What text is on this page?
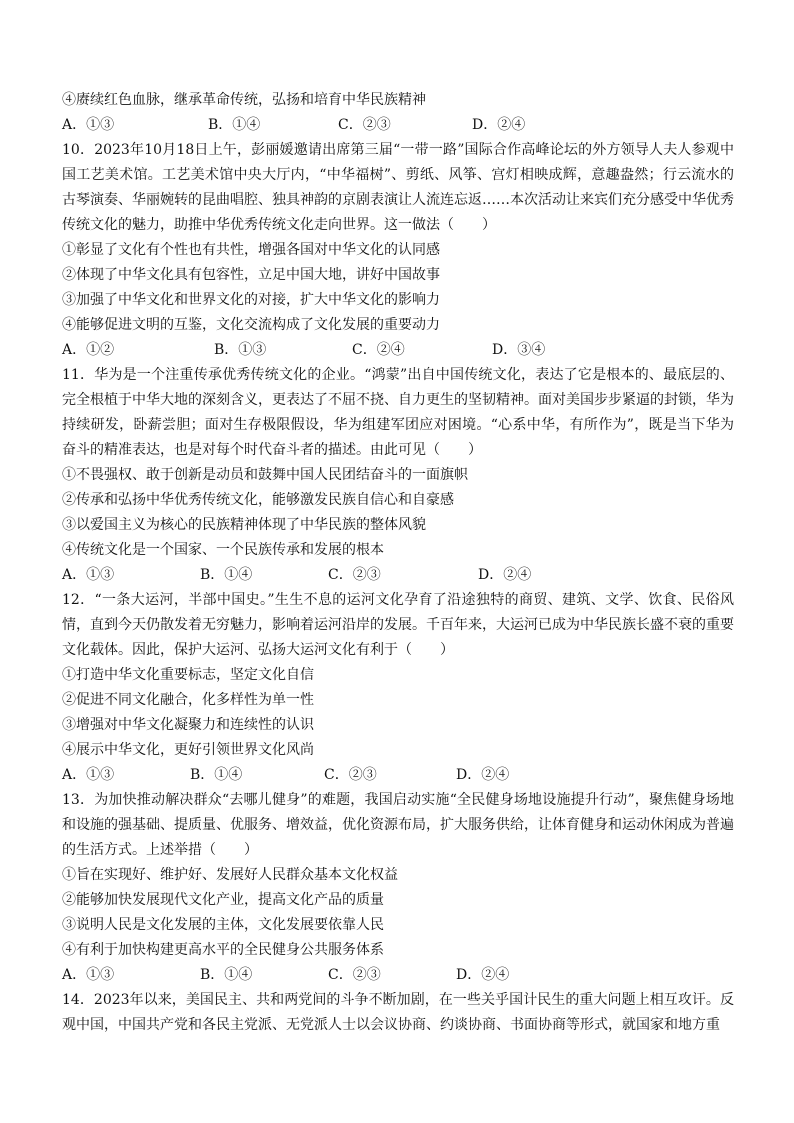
④赓续红色血脉，继承革命传统，弘扬和培育中华民族精神
A．①③	B．①④	C．②③	D．②④
10．2023年10月18日上午，彭丽媛邀请出席第三届“一带一路”国际合作高峰论坛的外方领导人夫人参观中国工艺美术馆。工艺美术馆中央大厅内，“中华福树”、剪纸、风筝、宫灯相映成辉，意趣盎然；行云流水的古琴演奏、华丽婉转的昆曲唱腔、独具神韵的京剧表演让人流连忘返……本次活动让来宾们充分感受中华优秀传统文化的魅力，助推中华优秀传统文化走向世界。这一做法（　　）
①彰显了文化有个性也有共性，增强各国对中华文化的认同感
②体现了中华文化具有包容性，立足中国大地，讲好中国故事
③加强了中华文化和世界文化的对接，扩大中华文化的影响力
④能够促进文明的互鉴，文化交流构成了文化发展的重要动力
A．①②	B．①③	C．②④	D．③④
11．华为是一个注重传承优秀传统文化的企业。“鸿蒙”出自中国传统文化，表达了它是根本的、最底层的、完全根植于中华大地的深刻含义，更表达了不屈不挠、自力更生的坚韧精神。面对美国步步紧逼的封锁，华为持续研发，卧薪尝胆；面对生存极限假设，华为组建军团应对困境。“心系中华，有所作为”，既是当下华为奋斗的精准表达，也是对每个时代奋斗者的描述。由此可见（　　）
①不畏强权、敢于创新是动员和鼓舞中国人民团结奋斗的一面旗帜
②传承和弘扬中华优秀传统文化，能够激发民族自信心和自豪感
③以爱国主义为核心的民族精神体现了中华民族的整体风貌
④传统文化是一个国家、一个民族传承和发展的根本
A．①③	B．①④	C．②③	D．②④
12．“一条大运河，半部中国史。”生生不息的运河文化孕育了沿途独特的商贸、建筑、文学、饮食、民俗风情，直到今天仍散发着无穷魅力，影响着运河沿岸的发展。千百年来，大运河已成为中华民族长盛不衰的重要文化载体。因此，保护大运河、弘扬大运河文化有利于（　　）
①打造中华文化重要标志，坚定文化自信
②促进不同文化融合，化多样性为单一性
③增强对中华文化凝聚力和连续性的认识
④展示中华文化，更好引领世界文化风尚
A．①③	B．①④	C．②③	D．②④
13．为加快推动解决群众“去哪儿健身”的难题，我国启动实施“全民健身场地设施提升行动”，聚焦健身场地和设施的强基础、提质量、优服务、增效益，优化资源布局，扩大服务供给，让体育健身和运动休闲成为普遍的生活方式。上述举措（　　）
①旨在实现好、维护好、发展好人民群众基本文化权益
②能够加快发展现代文化产业，提高文化产品的质量
③说明人民是文化发展的主体，文化发展要依靠人民
④有利于加快构建更高水平的全民健身公共服务体系
A．①③	B．①④	C．②③	D．②④
14．2023年以来，美国民主、共和两党间的斗争不断加剧，在一些关乎国计民生的重大问题上相互攻讦。反观中国，中国共产党和各民主党派、无党派人士以会议协商、约谈协商、书面协商等形式，就国家和地方重
